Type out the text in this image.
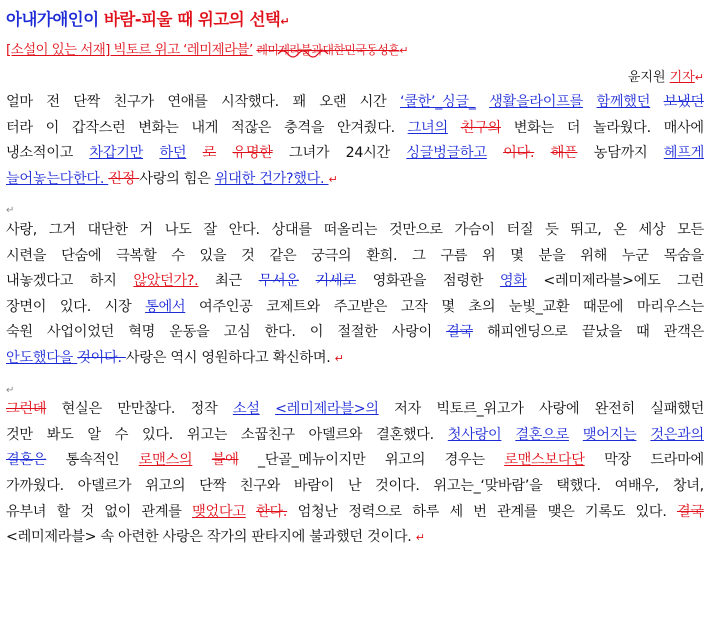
아내가애인이 바람-피울 때 위고의 선택↵
[소설이 있는 서재] 빅토르 위고 ‘레미제라블’ 레미제라블과대한민국동성혼↵
윤지원 기자↵
얼마 전 단짝 친구가 연애를 시작했다. 꽤 오랜 시간 ‘쿨한’_싱글_ 생활을라이프를 함께했던 보냈던
터라 이 갑작스런 변화는 내게 적잖은 충격을 안겨줬다. 그녀의 친구의 변화는 더 놀라웠다. 매사에
냉소적이고 차갑기만 하던 로 유명한 그녀가 24시간 싱글벙글하고 이다. 해픈 농담까지 헤프게
늘어놓는다한다. 진정 사랑의 힘은 위대한 건가?했다. ↵
↵
사랑, 그거 대단한 거 나도 잘 안다. 상대를 떠올리는 것만으로 가슴이 터질 듯 뛰고, 온 세상 모든
시련을 단숨에 극복할 수 있을 것 같은 궁극의 환희. 그 구름 위 몇 분을 위해 누군 목숨을
내놓겠다고 하지 않았던가?. 최근 무서운 기세로 영화관을 점령한 영화 <레미제라블>에도 그런
장면이 있다. 시장 통에서 여주인공 코제트와 주고받은 고작 몇 초의 눈빛_교환 때문에 마리우스는
숙원 사업이었던 혁명 운동을 고심 한다. 이 절절한 사랑이 결국 해피엔딩으로 끝났을 때 관객은
안도했다을 것이다. 사랑은 역시 영원하다고 확신하며. ↵
↵
그런데 현실은 만만찮다. 정작 소설 <레미제라블>의 저자 빅토르_위고가 사랑에 완전히 실패했던
것만 봐도 알 수 있다. 위고는 소꿉친구 아델르와 결혼했다. 첫사랑이 결혼으로 맺어지는 것은과의
결혼은 통속적인 로맨스의 불에 _단골_메뉴이지만 위고의 경우는 로맨스보다단 막장 드라마에
가까웠다. 아델르가 위고의 단짝 친구와 바람이 난 것이다. 위고는_‘맞바람’을 택했다. 여배우, 창녀,
유부녀 할 것 없이 관계를 맺었다고 한다. 엄청난 정력으로 하루 세 번 관계를 맺은 기록도 있다. 결국
<레미제라블> 속 아련한 사랑은 작가의 판타지에 불과했던 것이다. ↵
